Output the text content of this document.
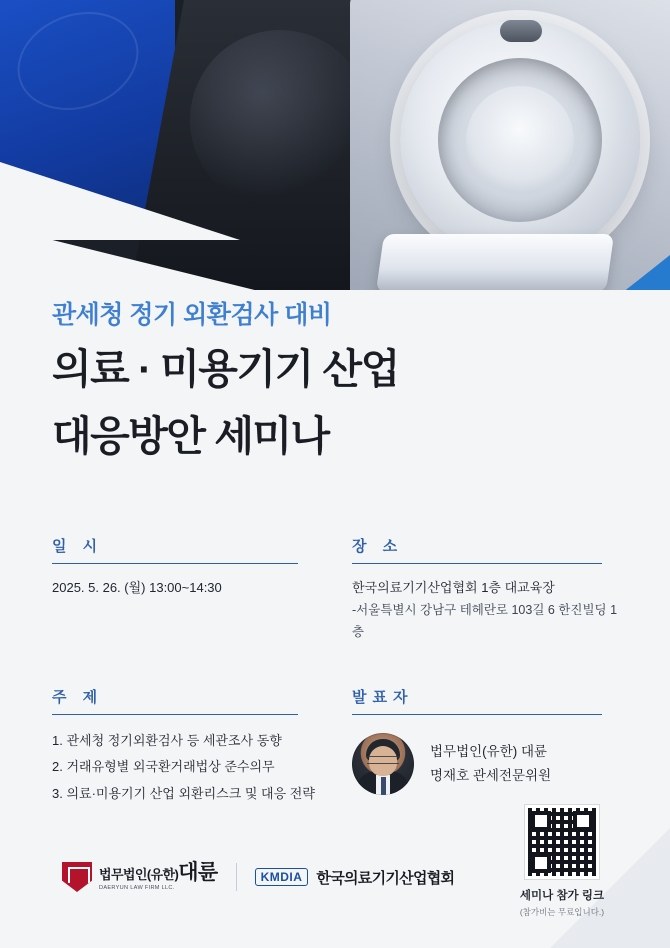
관세청 정기 외환검사 대비
의료 · 미용기기 산업
대응방안 세미나
일 시
2025. 5. 26. (월) 13:00~14:30
장 소
한국의료기기산업협회 1층 대교육장
-서울특별시 강남구 테헤란로 103길 6 한진빌딩 1층
주 제
1. 관세청 정기외환검사 등 세관조사 동향
2. 거래유형별 외국환거래법상 준수의무
3. 의료·미용기기 산업 외환리스크 및 대응 전략
발표자
법무법인(유한) 대륜
명재호 관세전문위원
법무법인(유한)대륜
DAERYUN LAW FIRM LLC.
KMDIA 한국의료기기산업협회
세미나 참가 링크
(참가비는 무료입니다.)
